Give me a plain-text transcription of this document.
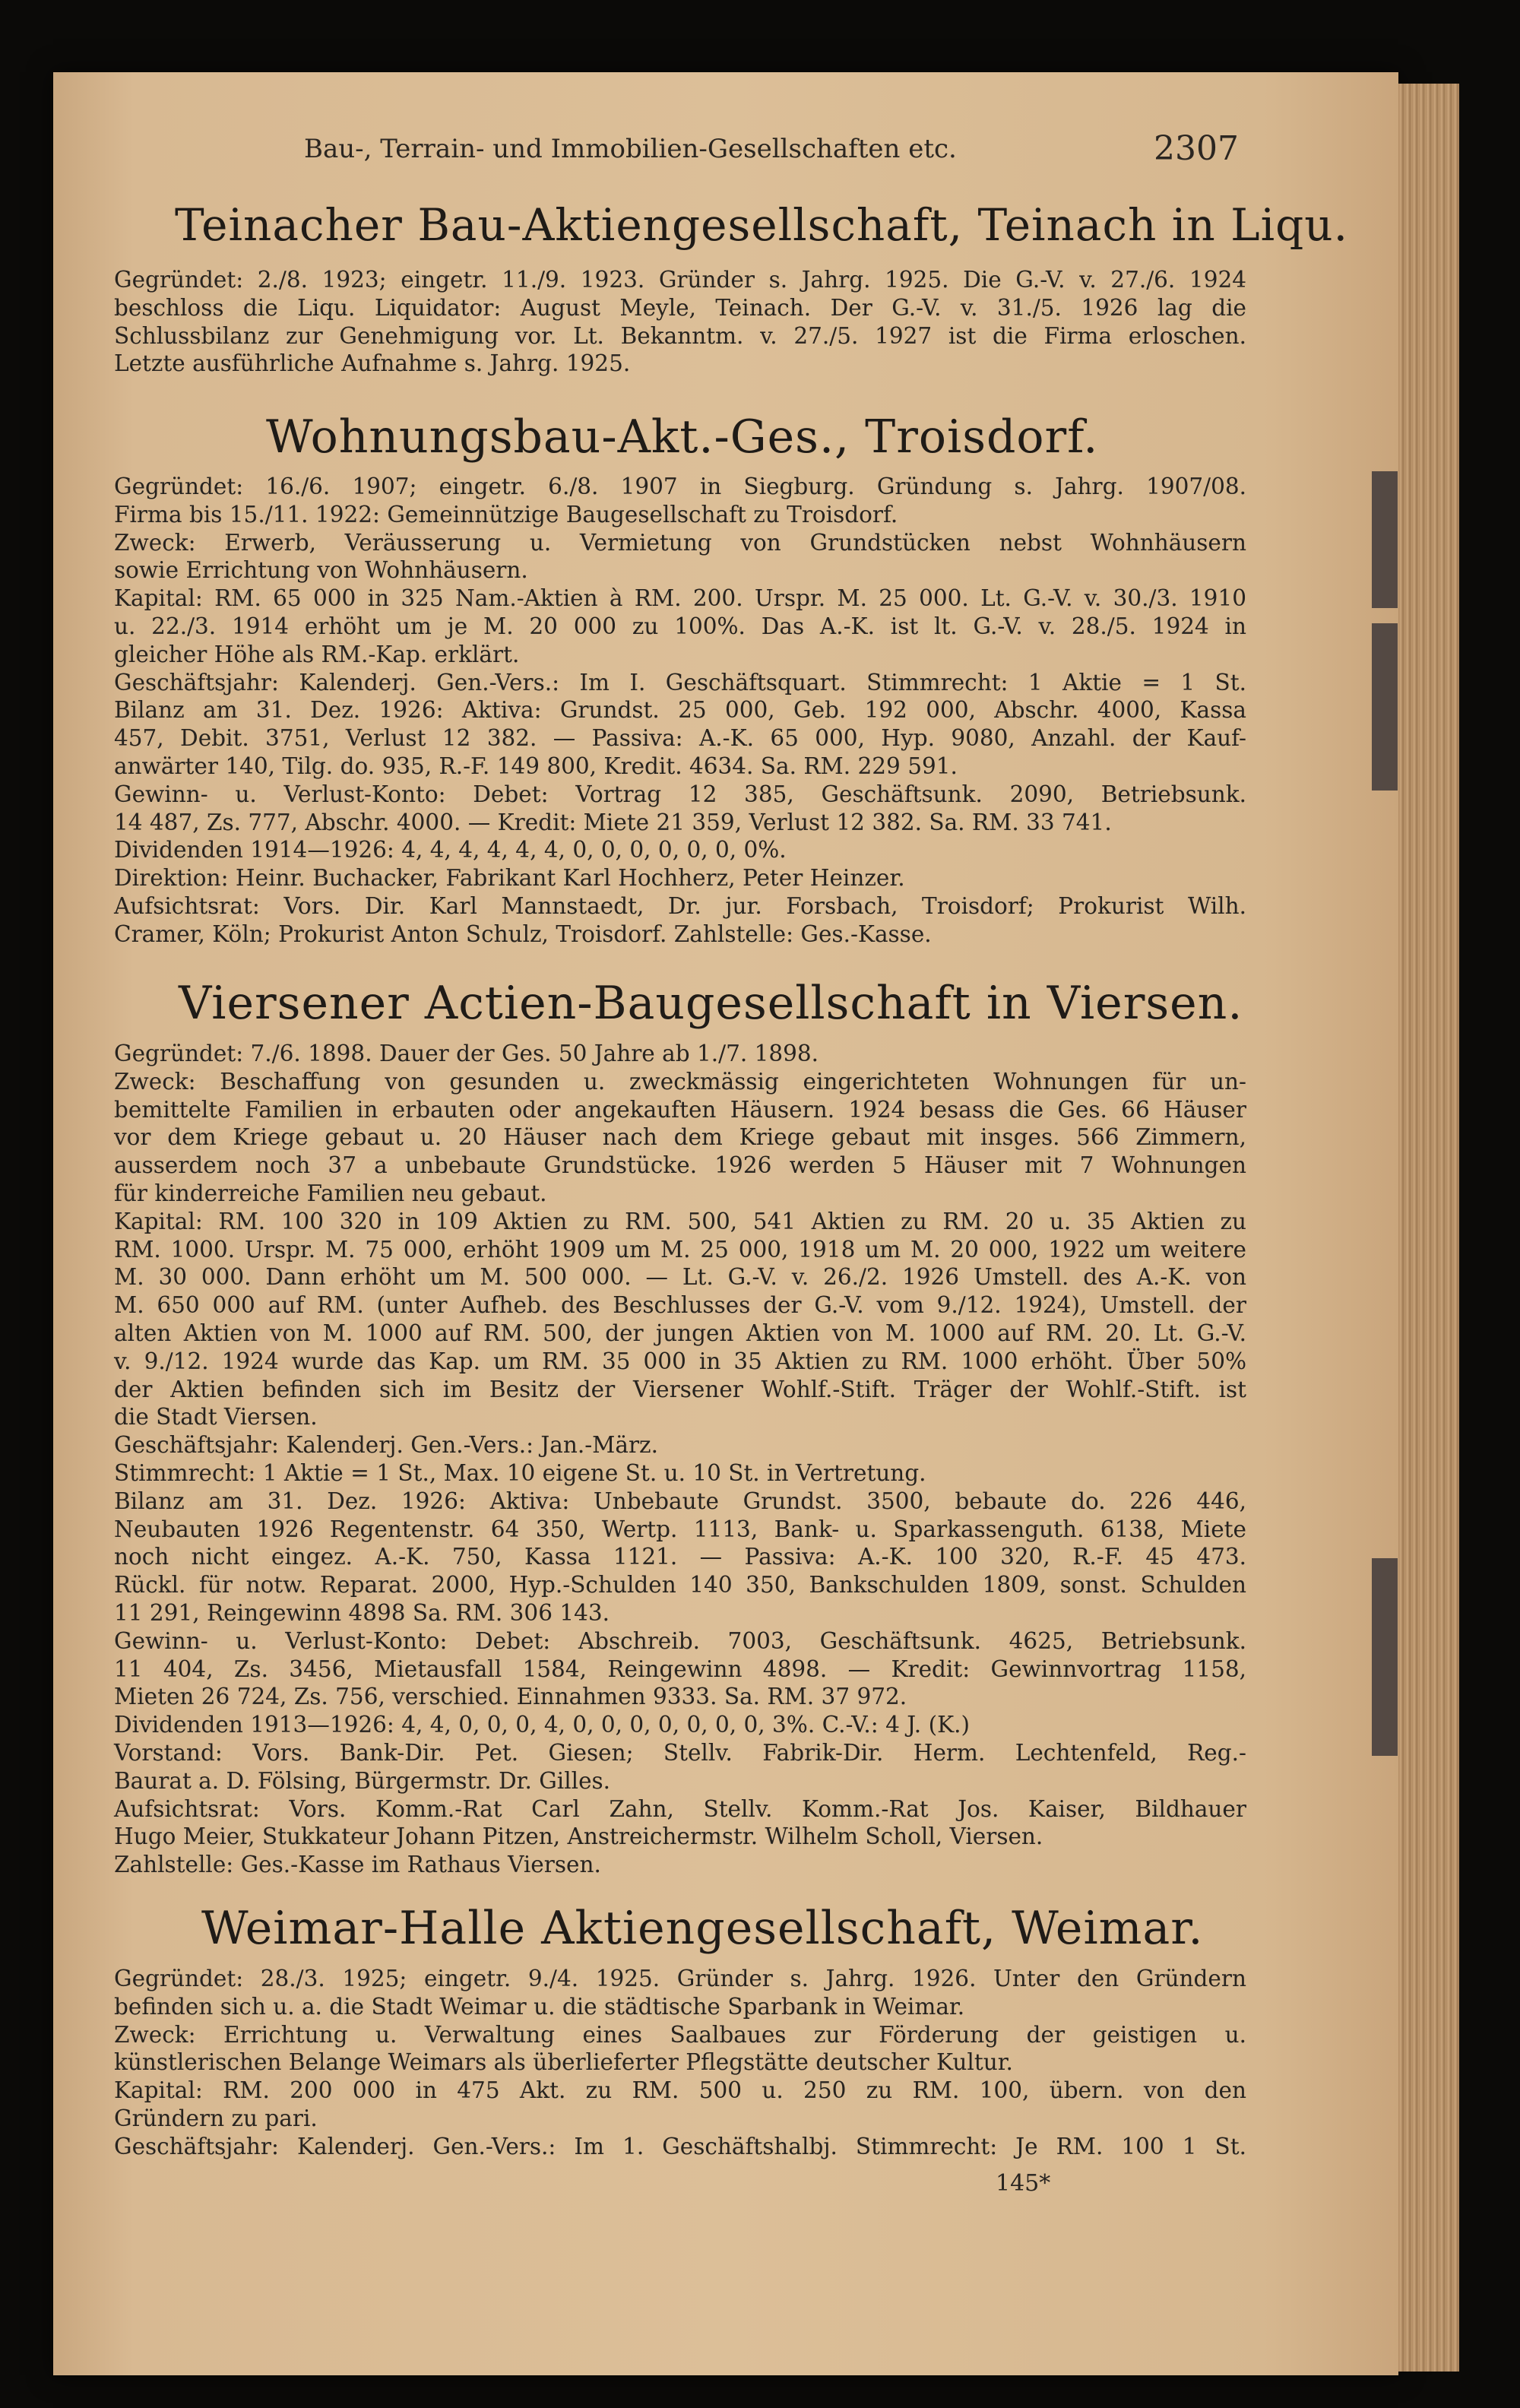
Bau-, Terrain- und Immobilien-Gesellschaften etc.	2307
Teinacher Bau-Aktiengesellschaft, Teinach in Liqu.
Gegründet: 2./8. 1923; eingetr. 11./9. 1923. Gründer s. Jahrg. 1925. Die G.-V. v. 27./6. 1924
beschloss die Liqu. Liquidator: August Meyle, Teinach. Der G.-V. v. 31./5. 1926 lag die
Schlussbilanz zur Genehmigung vor. Lt. Bekanntm. v. 27./5. 1927 ist die Firma erloschen.
Letzte ausführliche Aufnahme s. Jahrg. 1925.
Wohnungsbau-Akt.-Ges., Troisdorf.
Gegründet: 16./6. 1907; eingetr. 6./8. 1907 in Siegburg. Gründung s. Jahrg. 1907/08.
Firma bis 15./11. 1922: Gemeinnützige Baugesellschaft zu Troisdorf.
Zweck: Erwerb, Veräusserung u. Vermietung von Grundstücken nebst Wohnhäusern
sowie Errichtung von Wohnhäusern.
Kapital: RM. 65 000 in 325 Nam.-Aktien à RM. 200. Urspr. M. 25 000. Lt. G.-V. v. 30./3. 1910
u. 22./3. 1914 erhöht um je M. 20 000 zu 100%. Das A.-K. ist lt. G.-V. v. 28./5. 1924 in
gleicher Höhe als RM.-Kap. erklärt.
Geschäftsjahr: Kalenderj. Gen.-Vers.: Im I. Geschäftsquart. Stimmrecht: 1 Aktie = 1 St.
Bilanz am 31. Dez. 1926: Aktiva: Grundst. 25 000, Geb. 192 000, Abschr. 4000, Kassa
457, Debit. 3751, Verlust 12 382. — Passiva: A.-K. 65 000, Hyp. 9080, Anzahl. der Kauf-
anwärter 140, Tilg. do. 935, R.-F. 149 800, Kredit. 4634. Sa. RM. 229 591.
Gewinn- u. Verlust-Konto: Debet: Vortrag 12 385, Geschäftsunk. 2090, Betriebsunk.
14 487, Zs. 777, Abschr. 4000. — Kredit: Miete 21 359, Verlust 12 382. Sa. RM. 33 741.
Dividenden 1914—1926: 4, 4, 4, 4, 4, 4, 0, 0, 0, 0, 0, 0, 0%.
Direktion: Heinr. Buchacker, Fabrikant Karl Hochherz, Peter Heinzer.
Aufsichtsrat: Vors. Dir. Karl Mannstaedt, Dr. jur. Forsbach, Troisdorf; Prokurist Wilh.
Cramer, Köln; Prokurist Anton Schulz, Troisdorf. Zahlstelle: Ges.-Kasse.
Viersener Actien-Baugesellschaft in Viersen.
Gegründet: 7./6. 1898. Dauer der Ges. 50 Jahre ab 1./7. 1898.
Zweck: Beschaffung von gesunden u. zweckmässig eingerichteten Wohnungen für un-
bemittelte Familien in erbauten oder angekauften Häusern. 1924 besass die Ges. 66 Häuser
vor dem Kriege gebaut u. 20 Häuser nach dem Kriege gebaut mit insges. 566 Zimmern,
ausserdem noch 37 a unbebaute Grundstücke. 1926 werden 5 Häuser mit 7 Wohnungen
für kinderreiche Familien neu gebaut.
Kapital: RM. 100 320 in 109 Aktien zu RM. 500, 541 Aktien zu RM. 20 u. 35 Aktien zu
RM. 1000. Urspr. M. 75 000, erhöht 1909 um M. 25 000, 1918 um M. 20 000, 1922 um weitere
M. 30 000. Dann erhöht um M. 500 000. — Lt. G.-V. v. 26./2. 1926 Umstell. des A.-K. von
M. 650 000 auf RM. (unter Aufheb. des Beschlusses der G.-V. vom 9./12. 1924), Umstell. der
alten Aktien von M. 1000 auf RM. 500, der jungen Aktien von M. 1000 auf RM. 20. Lt. G.-V.
v. 9./12. 1924 wurde das Kap. um RM. 35 000 in 35 Aktien zu RM. 1000 erhöht. Über 50%
der Aktien befinden sich im Besitz der Viersener Wohlf.-Stift. Träger der Wohlf.-Stift. ist
die Stadt Viersen.
Geschäftsjahr: Kalenderj. Gen.-Vers.: Jan.-März.
Stimmrecht: 1 Aktie = 1 St., Max. 10 eigene St. u. 10 St. in Vertretung.
Bilanz am 31. Dez. 1926: Aktiva: Unbebaute Grundst. 3500, bebaute do. 226 446,
Neubauten 1926 Regentenstr. 64 350, Wertp. 1113, Bank- u. Sparkassenguth. 6138, Miete
noch nicht eingez. A.-K. 750, Kassa 1121. — Passiva: A.-K. 100 320, R.-F. 45 473.
Rückl. für notw. Reparat. 2000, Hyp.-Schulden 140 350, Bankschulden 1809, sonst. Schulden
11 291, Reingewinn 4898 Sa. RM. 306 143.
Gewinn- u. Verlust-Konto: Debet: Abschreib. 7003, Geschäftsunk. 4625, Betriebsunk.
11 404, Zs. 3456, Mietausfall 1584, Reingewinn 4898. — Kredit: Gewinnvortrag 1158,
Mieten 26 724, Zs. 756, verschied. Einnahmen 9333. Sa. RM. 37 972.
Dividenden 1913—1926: 4, 4, 0, 0, 0, 4, 0, 0, 0, 0, 0, 0, 0, 3%. C.-V.: 4 J. (K.)
Vorstand: Vors. Bank-Dir. Pet. Giesen; Stellv. Fabrik-Dir. Herm. Lechtenfeld, Reg.-
Baurat a. D. Fölsing, Bürgermstr. Dr. Gilles.
Aufsichtsrat: Vors. Komm.-Rat Carl Zahn, Stellv. Komm.-Rat Jos. Kaiser, Bildhauer
Hugo Meier, Stukkateur Johann Pitzen, Anstreichermstr. Wilhelm Scholl, Viersen.
Zahlstelle: Ges.-Kasse im Rathaus Viersen.
Weimar-Halle Aktiengesellschaft, Weimar.
Gegründet: 28./3. 1925; eingetr. 9./4. 1925. Gründer s. Jahrg. 1926. Unter den Gründern
befinden sich u. a. die Stadt Weimar u. die städtische Sparbank in Weimar.
Zweck: Errichtung u. Verwaltung eines Saalbaues zur Förderung der geistigen u.
künstlerischen Belange Weimars als überlieferter Pflegstätte deutscher Kultur.
Kapital: RM. 200 000 in 475 Akt. zu RM. 500 u. 250 zu RM. 100, übern. von den
Gründern zu pari.
Geschäftsjahr: Kalenderj. Gen.-Vers.: Im 1. Geschäftshalbj. Stimmrecht: Je RM. 100 1 St.
145*
